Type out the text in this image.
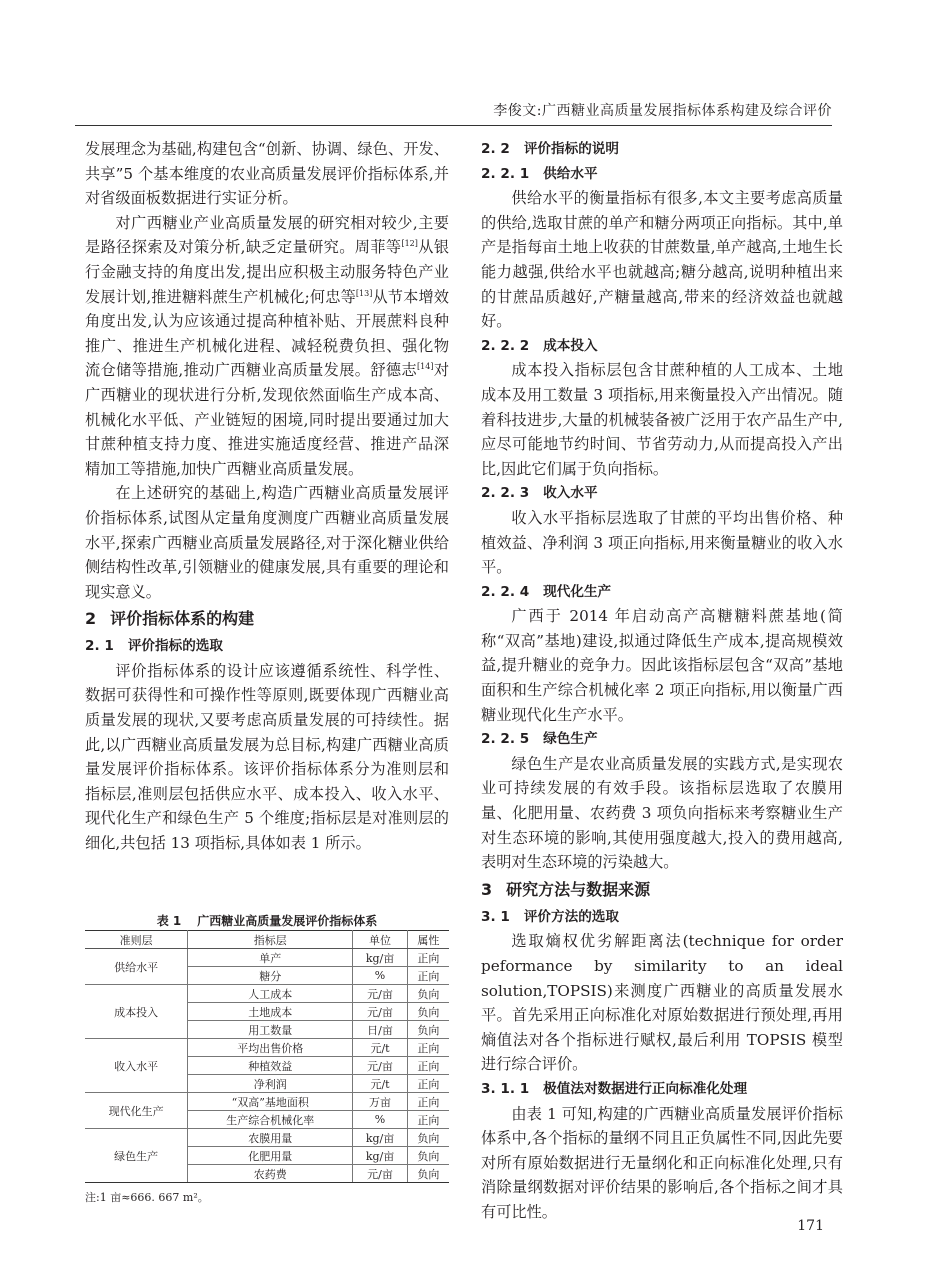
李俊文:广西糖业高质量发展指标体系构建及综合评价

发展理念为基础,构建包含“创新、协调、绿色、开发、共享”5 个基本维度的农业高质量发展评价指标体系,并对省级面板数据进行实证分析。

对广西糖业产业高质量发展的研究相对较少,主要是路径探索及对策分析,缺乏定量研究。周菲等[12]从银行金融支持的角度出发,提出应积极主动服务特色产业发展计划,推进糖料蔗生产机械化;何忠等[13]从节本增效角度出发,认为应该通过提高种植补贴、开展蔗料良种推广、推进生产机械化进程、减轻税费负担、强化物流仓储等措施,推动广西糖业高质量发展。舒德志[14]对广西糖业的现状进行分析,发现依然面临生产成本高、机械化水平低、产业链短的困境,同时提出要通过加大甘蔗种植支持力度、推进实施适度经营、推进产品深精加工等措施,加快广西糖业高质量发展。

在上述研究的基础上,构造广西糖业高质量发展评价指标体系,试图从定量角度测度广西糖业高质量发展水平,探索广西糖业高质量发展路径,对于深化糖业供给侧结构性改革,引领糖业的健康发展,具有重要的理论和现实意义。

2 评价指标体系的构建
2. 1 评价指标的选取

评价指标体系的设计应该遵循系统性、科学性、数据可获得性和可操作性等原则,既要体现广西糖业高质量发展的现状,又要考虑高质量发展的可持续性。据此,以广西糖业高质量发展为总目标,构建广西糖业高质量发展评价指标体系。该评价指标体系分为准则层和指标层,准则层包括供应水平、成本投入、收入水平、现代化生产和绿色生产 5 个维度;指标层是对准则层的细化,共包括 13 项指标,具体如表 1 所示。

表 1 广西糖业高质量发展评价指标体系
准则层	指标层	单位	属性
供给水平	单产	kg/亩	正向
	糖分	%	正向
成本投入	人工成本	元/亩	负向
	土地成本	元/亩	负向
	用工数量	日/亩	负向
收入水平	平均出售价格	元/t	正向
	种植效益	元/亩	正向
	净利润	元/t	正向
现代化生产	“双高”基地面积	万亩	正向
	生产综合机械化率	%	正向
绿色生产	农膜用量	kg/亩	负向
	化肥用量	kg/亩	负向
	农药费	元/亩	负向
注:1 亩≈666. 667 m²。
2. 2 评价指标的说明
2. 2. 1 供给水平

供给水平的衡量指标有很多,本文主要考虑高质量的供给,选取甘蔗的单产和糖分两项正向指标。其中,单产是指每亩土地上收获的甘蔗数量,单产越高,土地生长能力越强,供给水平也就越高;糖分越高,说明种植出来的甘蔗品质越好,产糖量越高,带来的经济效益也就越好。

2. 2. 2 成本投入

成本投入指标层包含甘蔗种植的人工成本、土地成本及用工数量 3 项指标,用来衡量投入产出情况。随着科技进步,大量的机械装备被广泛用于农产品生产中,应尽可能地节约时间、节省劳动力,从而提高投入产出比,因此它们属于负向指标。

2. 2. 3 收入水平

收入水平指标层选取了甘蔗的平均出售价格、种植效益、净利润 3 项正向指标,用来衡量糖业的收入水平。

2. 2. 4 现代化生产

广西于 2014 年启动高产高糖糖料蔗基地(简称“双高”基地)建设,拟通过降低生产成本,提高规模效益,提升糖业的竞争力。因此该指标层包含“双高”基地面积和生产综合机械化率 2 项正向指标,用以衡量广西糖业现代化生产水平。

2. 2. 5 绿色生产

绿色生产是农业高质量发展的实践方式,是实现农业可持续发展的有效手段。该指标层选取了农膜用量、化肥用量、农药费 3 项负向指标来考察糖业生产对生态环境的影响,其使用强度越大,投入的费用越高,表明对生态环境的污染越大。

3 研究方法与数据来源
3. 1 评价方法的选取

选取熵权优劣解距离法(technique for order peformance by similarity to an ideal solution,TOPSIS)来测度广西糖业的高质量发展水平。首先采用正向标准化对原始数据进行预处理,再用熵值法对各个指标进行赋权,最后利用 TOPSIS 模型进行综合评价。

3. 1. 1 极值法对数据进行正向标准化处理

由表 1 可知,构建的广西糖业高质量发展评价指标体系中,各个指标的量纲不同且正负属性不同,因此先要对所有原始数据进行无量纲化和正向标准化处理,只有消除量纲数据对评价结果的影响后,各个指标之间才具有可比性。

171
